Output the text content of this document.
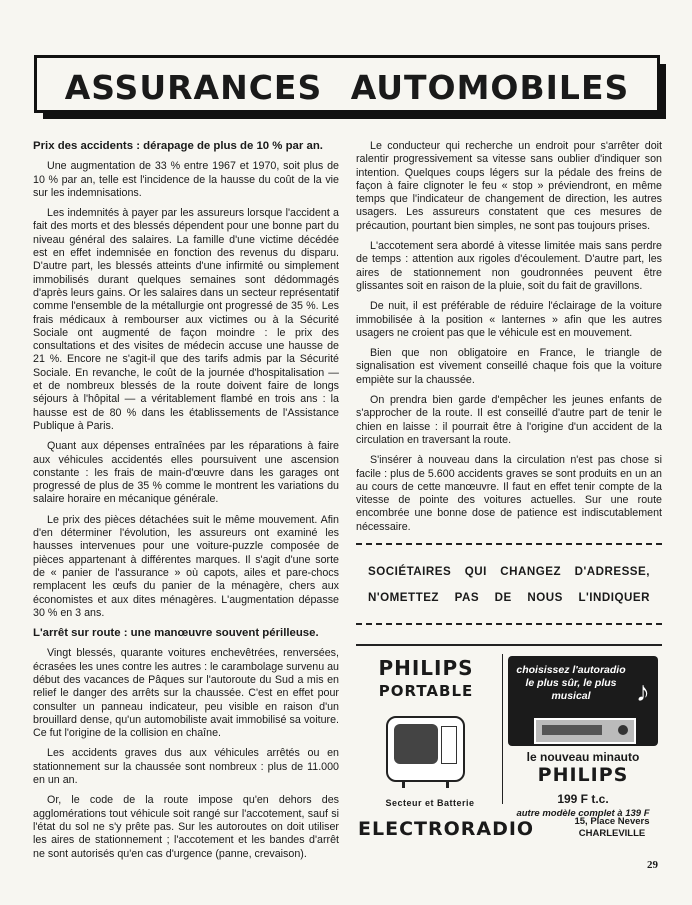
ASSURANCES AUTOMOBILES
Prix des accidents : dérapage de plus de 10 % par an.

Une augmentation de 33 % entre 1967 et 1970, soit plus de 10 % par an, telle est l'incidence de la hausse du coût de la vie sur les indemnisations.

Les indemnités à payer par les assureurs lorsque l'accident a fait des morts et des blessés dépendent pour une bonne part du niveau général des salaires. La famille d'une victime décédée est en effet indemnisée en fonction des revenus du disparu. D'autre part, les blessés atteints d'une infirmité ou simplement immobilisés durant quelques semaines sont dédommagés d'après leurs gains. Or les salaires dans un secteur représentatif comme l'ensemble de la métallurgie ont progressé de 35 %. Les frais médicaux à rembourser aux victimes ou à la Sécurité Sociale ont augmenté de façon moindre : le prix des consultations et des visites de médecin accuse une hausse de 21 %. Encore ne s'agit-il que des tarifs admis par la Sécurité Sociale. En revanche, le coût de la journée d'hospitalisation — et de nombreux blessés de la route doivent faire de longs séjours à l'hôpital — a véritablement flambé en trois ans : la hausse est de 80 % dans les établissements de l'Assistance Publique à Paris.

Quant aux dépenses entraînées par les réparations à faire aux véhicules accidentés elles poursuivent une ascension constante : les frais de main-d'œuvre dans les garages ont progressé de plus de 35 % comme le montrent les variations du salaire horaire en mécanique générale.

Le prix des pièces détachées suit le même mouvement. Afin d'en déterminer l'évolution, les assureurs ont examiné les hausses intervenues pour une voiture-puzzle composée de pièces appartenant à différentes marques. Il s'agit d'une sorte de « panier de l'assurance » où capots, ailes et pare-chocs remplacent les œufs du panier de la ménagère, chers aux économistes et aux dites ménagères. L'augmentation dépasse 30 % en 3 ans.

L'arrêt sur route : une manœuvre souvent périlleuse.

Vingt blessés, quarante voitures enchevêtrées, renversées, écrasées les unes contre les autres : le carambolage survenu au début des vacances de Pâques sur l'autoroute du Sud a mis en relief le danger des arrêts sur la chaussée. C'est en effet pour consulter un panneau indicateur, peu visible en raison d'un brouillard dense, qu'un automobiliste avait immobilisé sa voiture. Ce fut l'origine de la collision en chaîne.

Les accidents graves dus aux véhicules arrêtés ou en stationnement sur la chaussée sont nombreux : plus de 11.000 en un an.

Or, le code de la route impose qu'en dehors des agglomérations tout véhicule soit rangé sur l'accotement, sauf si l'état du sol ne s'y prête pas. Sur les autoroutes on doit utiliser les aires de stationnement ; l'accotement et les bandes d'arrêt ne sont autorisés qu'en cas d'urgence (panne, crevaison).

Le conducteur qui recherche un endroit pour s'arrêter doit ralentir progressivement sa vitesse sans oublier d'indiquer son intention. Quelques coups légers sur la pédale des freins de façon à faire clignoter le feu « stop » préviendront, en même temps que l'indicateur de changement de direction, les autres usagers. Les assureurs constatent que ces mesures de précaution, pourtant bien simples, ne sont pas toujours prises.

L'accotement sera abordé à vitesse limitée mais sans perdre de temps : attention aux rigoles d'écoulement. D'autre part, les aires de stationnement non goudronnées peuvent être glissantes soit en raison de la pluie, soit du fait de gravillons.

De nuit, il est préférable de réduire l'éclairage de la voiture immobilisée à la position « lanternes » afin que les autres usagers ne croient pas que le véhicule est en mouvement.

Bien que non obligatoire en France, le triangle de signalisation est vivement conseillé chaque fois que la voiture empiète sur la chaussée.

On prendra bien garde d'empêcher les jeunes enfants de s'approcher de la route. Il est conseillé d'autre part de tenir le chien en laisse : il pourrait être à l'origine d'un accident de la circulation en traversant la route.

S'insérer à nouveau dans la circulation n'est pas chose si facile : plus de 5.600 accidents graves se sont produits en un an au cours de cette manœuvre. Il faut en effet tenir compte de la vitesse de pointe des voitures actuelles. Sur une route encombrée une bonne dose de patience est indiscutablement nécessaire.

SOCIÉTAIRES QUI CHANGEZ D'ADRESSE,
N'OMETTEZ PAS DE NOUS L'INDIQUER
PHILIPS
PORTABLE
Secteur et Batterie
choisissez l'autoradio le plus sûr, le plus musical	♪
le nouveau minauto
PHILIPS
199 F t.c.
autre modèle complet à 139 F
ELECTRORADIO	15, Place Nevers
CHARLEVILLE
29
